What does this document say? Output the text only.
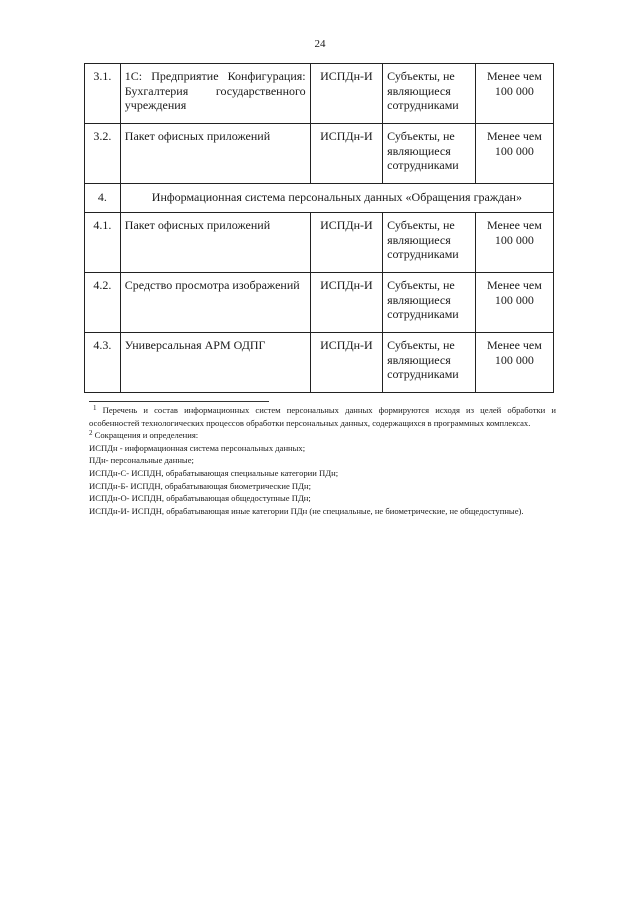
24
3.1.	1С: Предприятие Конфигурация: Бухгалтерия государственного учреждения	ИСПДн-И	Субъекты, не являющиеся сотрудниками	Менее чем 100 000
3.2.	Пакет офисных приложений	ИСПДн-И	Субъекты, не являющиеся сотрудниками	Менее чем 100 000
4.	Информационная система персональных данных «Обращения граждан»			
4.1.	Пакет офисных приложений	ИСПДн-И	Субъекты, не являющиеся сотрудниками	Менее чем 100 000
4.2.	Средство просмотра изображений	ИСПДн-И	Субъекты, не являющиеся сотрудниками	Менее чем 100 000
4.3.	Универсальная АРМ ОДПГ	ИСПДн-И	Субъекты, не являющиеся сотрудниками	Менее чем 100 000
$^1$ Перечень и состав информационных систем персональных данных формируются исходя из целей обработки и особенностей технологических процессов обработки персональных данных, содержащихся в программных комплексах.
$^2$ Сокращения и определения:
ИСПДн - информационная система персональных данных;
ПДн- персональные данные;
ИСПДн-С- ИСПДН, обрабатывающая специальные категории ПДн;
ИСПДн-Б- ИСПДН, обрабатывающая биометрические ПДн;
ИСПДн-О- ИСПДН, обрабатывающая общедоступные ПДн;
ИСПДн-И- ИСПДН, обрабатывающая иные категории ПДн (не специальные, не биометрические, не общедоступные).
